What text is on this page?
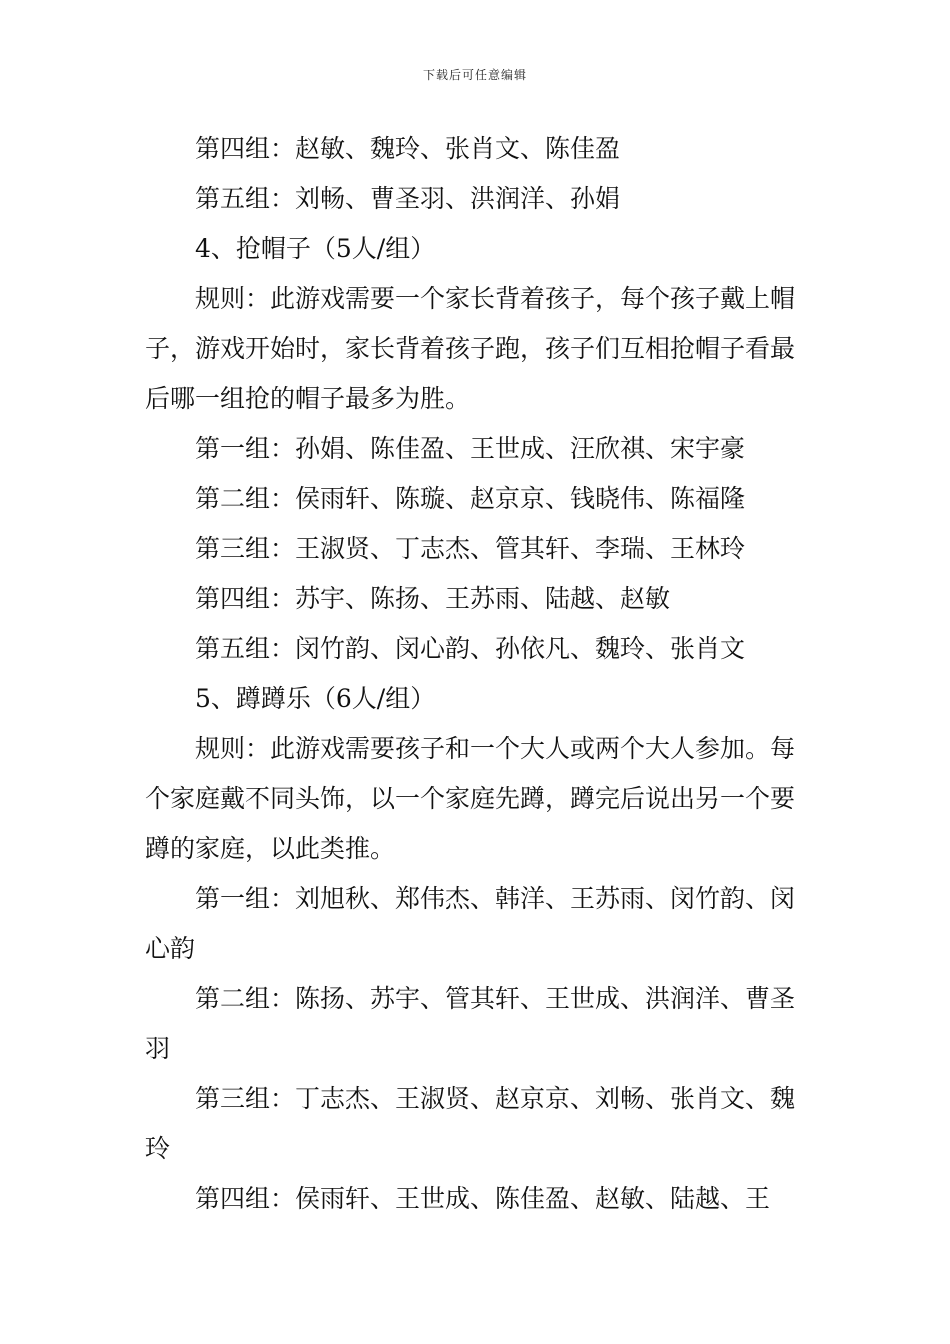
下载后可任意编辑

第四组：赵敏、魏玲、张肖文、陈佳盈

第五组：刘畅、曹圣羽、洪润洋、孙娟

4、抢帽子（5人/组）

规则：此游戏需要一个家长背着孩子，每个孩子戴上帽子，游戏开始时，家长背着孩子跑，孩子们互相抢帽子看最后哪一组抢的帽子最多为胜。

第一组：孙娟、陈佳盈、王世成、汪欣祺、宋宇豪

第二组：侯雨轩、陈璇、赵京京、钱晓伟、陈福隆

第三组：王淑贤、丁志杰、管其轩、李瑞、王林玲

第四组：苏宇、陈扬、王苏雨、陆越、赵敏

第五组：闵竹韵、闵心韵、孙依凡、魏玲、张肖文

5、蹲蹲乐（6人/组）

规则：此游戏需要孩子和一个大人或两个大人参加。每个家庭戴不同头饰，以一个家庭先蹲，蹲完后说出另一个要蹲的家庭，以此类推。

第一组：刘旭秋、郑伟杰、韩洋、王苏雨、闵竹韵、闵心韵

第二组：陈扬、苏宇、管其轩、王世成、洪润洋、曹圣羽

第三组：丁志杰、王淑贤、赵京京、刘畅、张肖文、魏玲

第四组：侯雨轩、王世成、陈佳盈、赵敏、陆越、王
